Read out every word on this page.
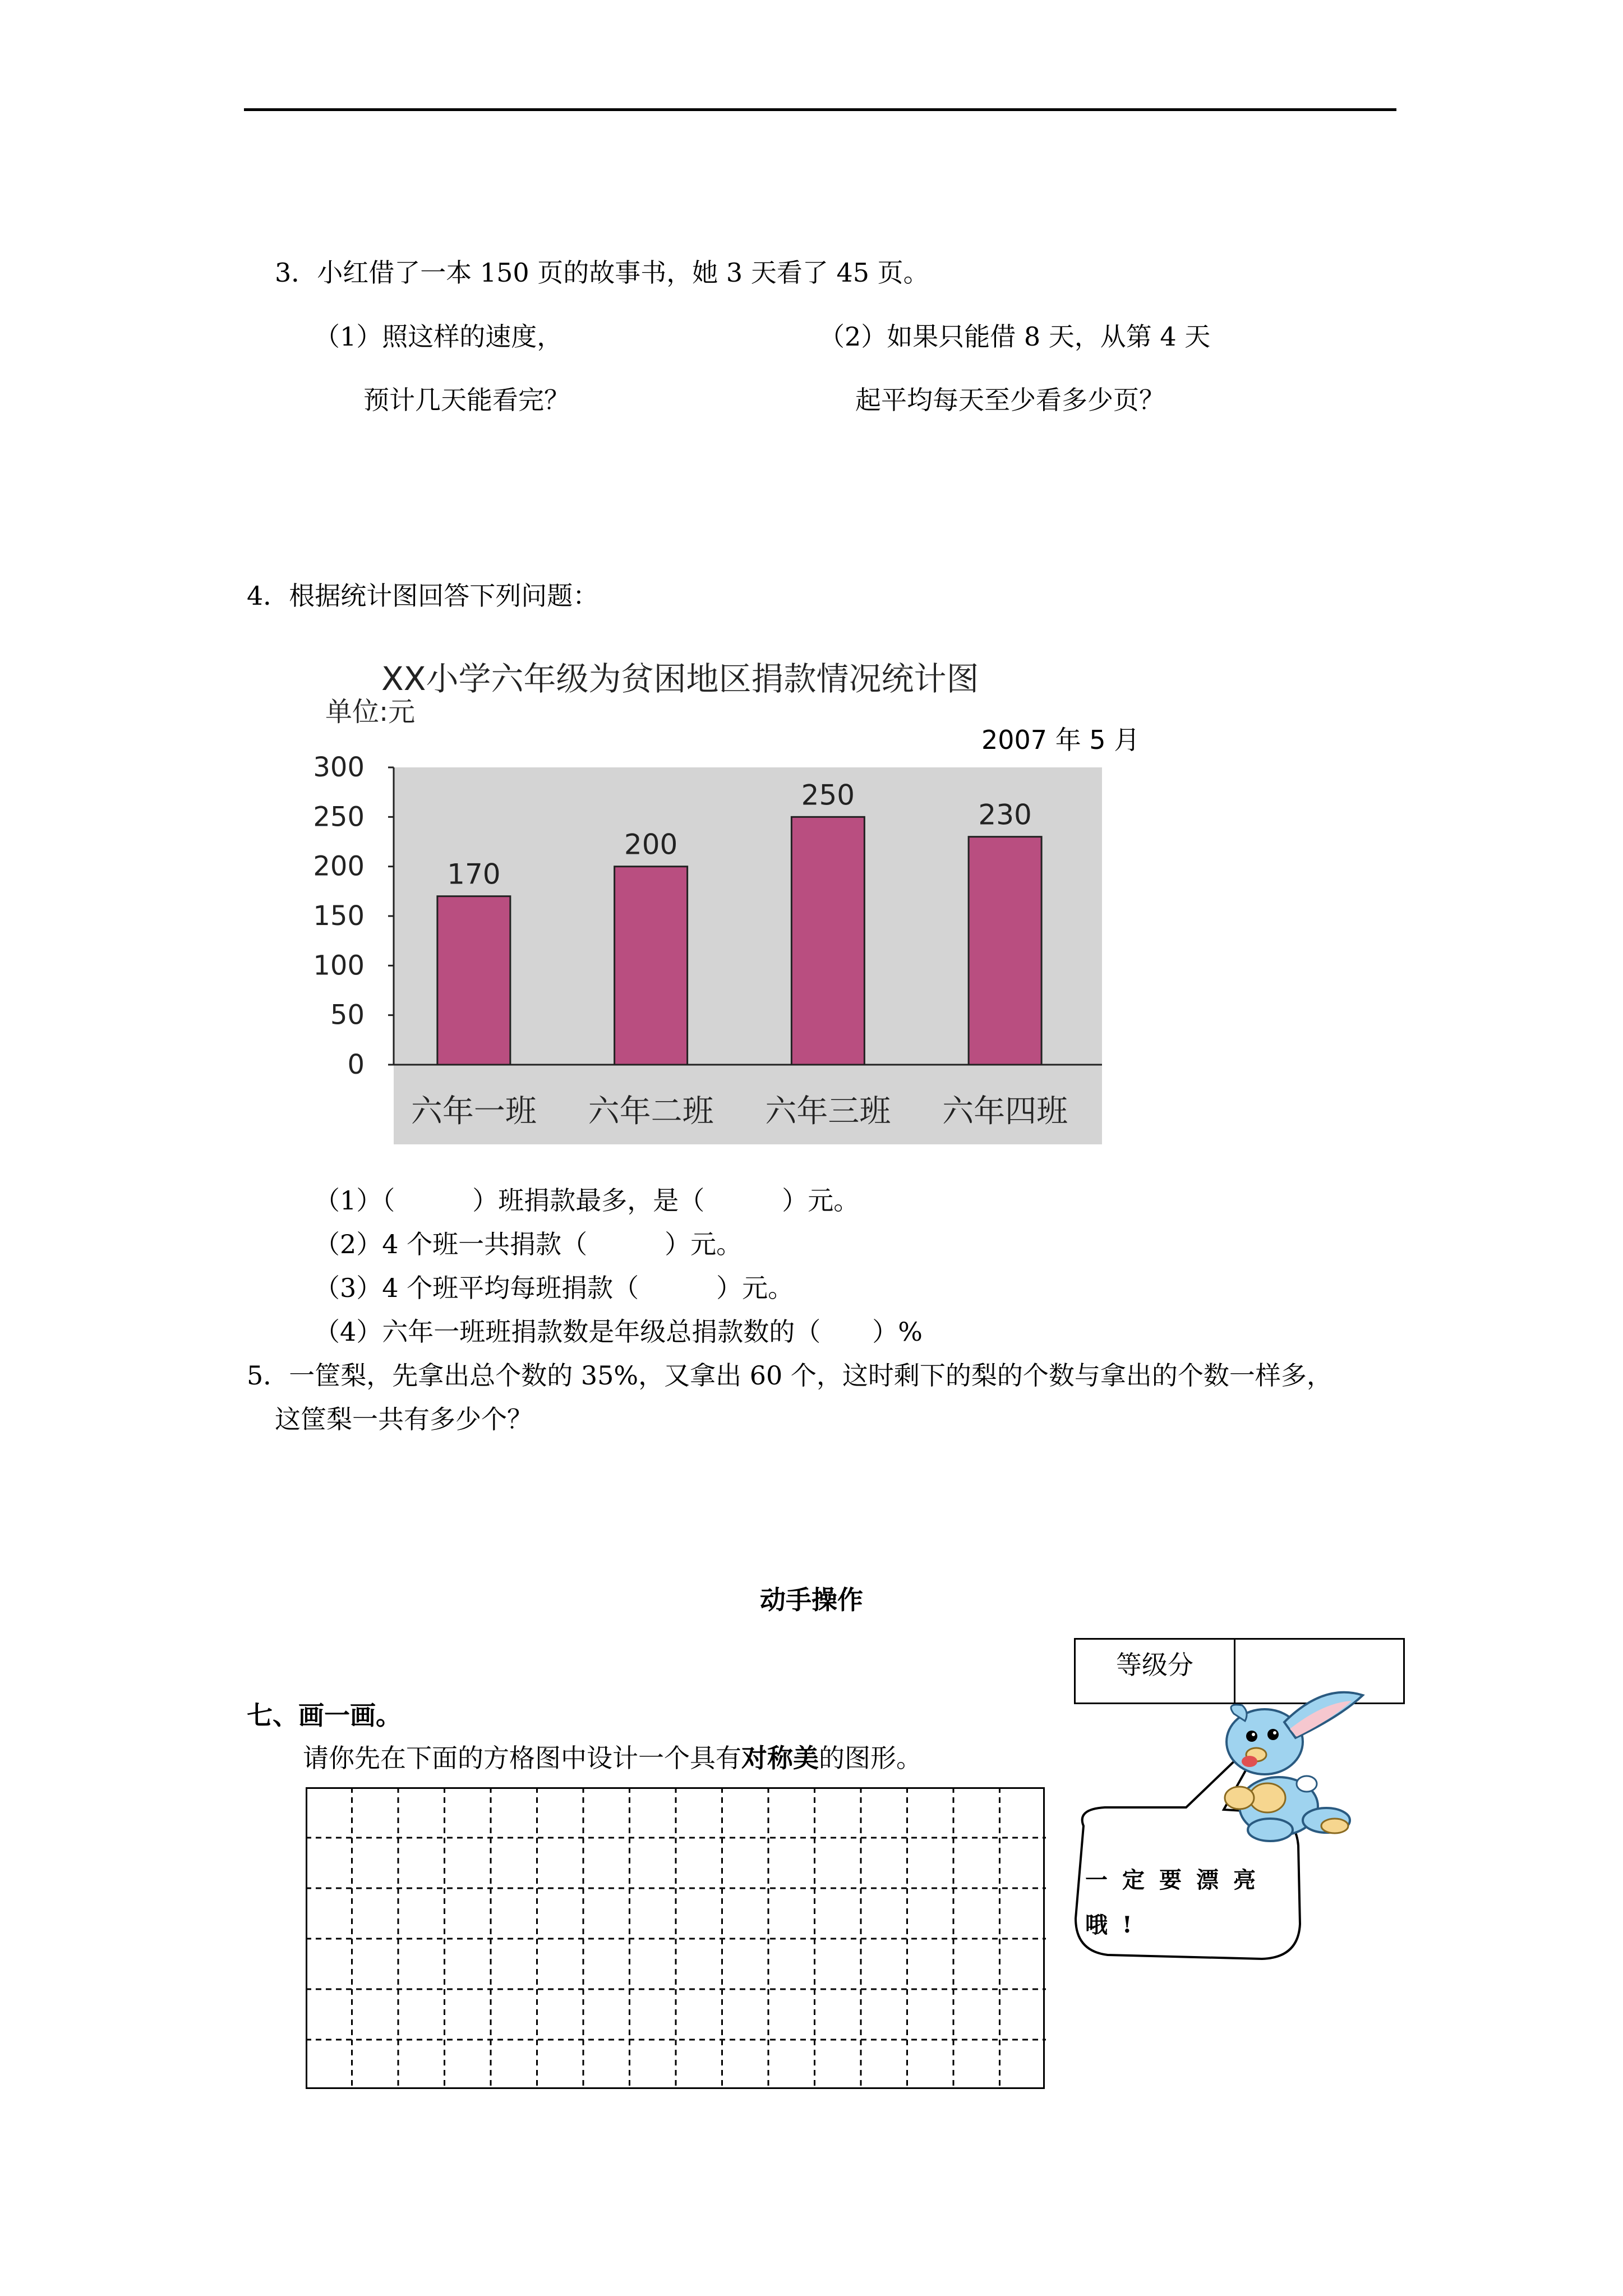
3．小红借了一本 150 页的故事书，她 3 天看了 45 页。
（1）照这样的速度，
预计几天能看完？
（2）如果只能借 8 天，从第 4 天
起平均每天至少看多少页？
4．根据统计图回答下列问题：
XX小学六年级为贫困地区捐款情况统计图
单位:元
2007 年 5 月
300
250
200
150
100
50
0
170
200
250
230
六年一班 六年二班 六年三班 六年四班
（1）（　　　）班捐款最多，是（　　　）元。
（2）4 个班一共捐款（　　　）元。
（3）4 个班平均每班捐款（　　　）元。
（4）六年一班班捐款数是年级总捐款数的（　　）%
5．一筐梨，先拿出总个数的 35%，又拿出 60 个，这时剩下的梨的个数与拿出的个数一样多，
这筐梨一共有多少个？
动手操作
等级分
七、画一画。
请你先在下面的方格图中设计一个具有对称美的图形。
一定要漂亮
哦!
